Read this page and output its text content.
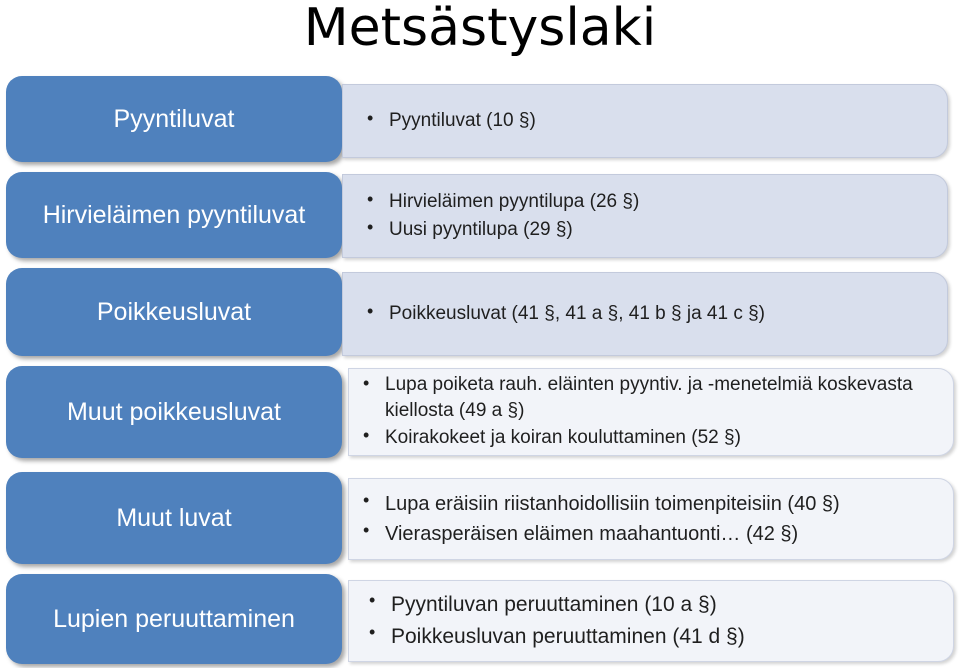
Metsästyslaki
Pyyntiluvat	• Pyyntiluvat (10 §)
Hirvieläimen pyyntiluvat
• Hirvieläimen pyyntilupa (26 §)
• Uusi pyyntilupa (29 §)
Poikkeusluvat	• Poikkeusluvat (41 §, 41 a §, 41 b § ja 41 c §)
Muut poikkeusluvat
• Lupa poiketa rauh. eläinten pyyntiv. ja -menetelmiä koskevasta kiellosta (49 a §)
• Koirakokeet ja koiran kouluttaminen (52 §)
Muut luvat
• Lupa eräisiin riistanhoidollisiin toimenpiteisiin (40 §)
• Vierasperäisen eläimen maahantuonti… (42 §)
Lupien peruuttaminen
• Pyyntiluvan peruuttaminen (10 a §)
• Poikkeusluvan peruuttaminen (41 d §)
